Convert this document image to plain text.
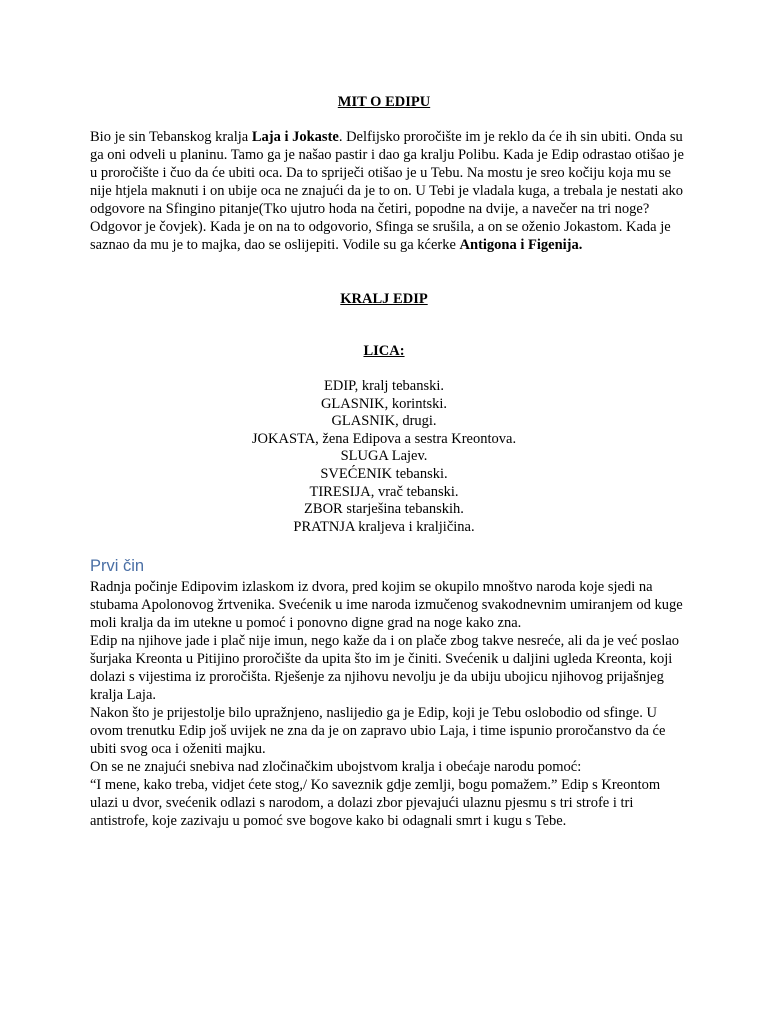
MIT O EDIPU

Bio je sin Tebanskog kralja Laja i Jokaste. Delfijsko proročište im je reklo da će ih sin ubiti. Onda su ga oni odveli u planinu. Tamo ga je našao pastir i dao ga kralju Polibu. Kada je Edip odrastao otišao je u proročište i čuo da će ubiti oca. Da to spriječi otišao je u Tebu. Na mostu je sreo kočiju koja mu se nije htjela maknuti i on ubije oca ne znajući da je to on. U Tebi je vladala kuga, a trebala je nestati ako odgovore na Sfingino pitanje(Tko ujutro hoda na četiri, popodne na dvije, a navečer na tri noge? Odgovor je čovjek). Kada je on na to odgovorio, Sfinga se srušila, a on se oženio Jokastom. Kada je saznao da mu je to majka, dao se oslijepiti. Vodile su ga kćerke Antigona i Figenija.

KRALJ EDIP
LICA:
EDIP, kralj tebanski.
GLASNIK, korintski.
GLASNIK, drugi.
JOKASTA, žena Edipova a sestra Kreontova.
SLUGA Lajev.
SVEĆENIK tebanski.
TIRESIJA, vrač tebanski.
ZBOR starješina tebanskih.
PRATNJA kraljeva i kraljičina.
Prvi čin
Radnja počinje Edipovim izlaskom iz dvora, pred kojim se okupilo mnoštvo naroda koje sjedi na stubama Apolonovog žrtvenika. Svećenik u ime naroda izmučenog svakodnevnim umiranjem od kuge moli kralja da im utekne u pomoć i ponovno digne grad na noge kako zna.
Edip na njihove jade i plač nije imun, nego kaže da i on plače zbog takve nesreće, ali da je već poslao šurjaka Kreonta u Pitijino proročište da upita što im je činiti. Svećenik u daljini ugleda Kreonta, koji dolazi s vijestima iz proročišta. Rješenje za njihovu nevolju je da ubiju ubojicu njihovog prijašnjeg kralja Laja.
Nakon što je prijestolje bilo upražnjeno, naslijedio ga je Edip, koji je Tebu oslobodio od sfinge. U ovom trenutku Edip još uvijek ne zna da je on zapravo ubio Laja, i time ispunio proročanstvo da će ubiti svog oca i oženiti majku.
On se ne znajući snebiva nad zločinačkim ubojstvom kralja i obećaje narodu pomoć:
“I mene, kako treba, vidjet ćete stog,/ Ko saveznik gdje zemlji, bogu pomažem.” Edip s Kreontom ulazi u dvor, svećenik odlazi s narodom, a dolazi zbor pjevajući ulaznu pjesmu s tri strofe i tri antistrofe, koje zazivaju u pomoć sve bogove kako bi odagnali smrt i kugu s Tebe.
